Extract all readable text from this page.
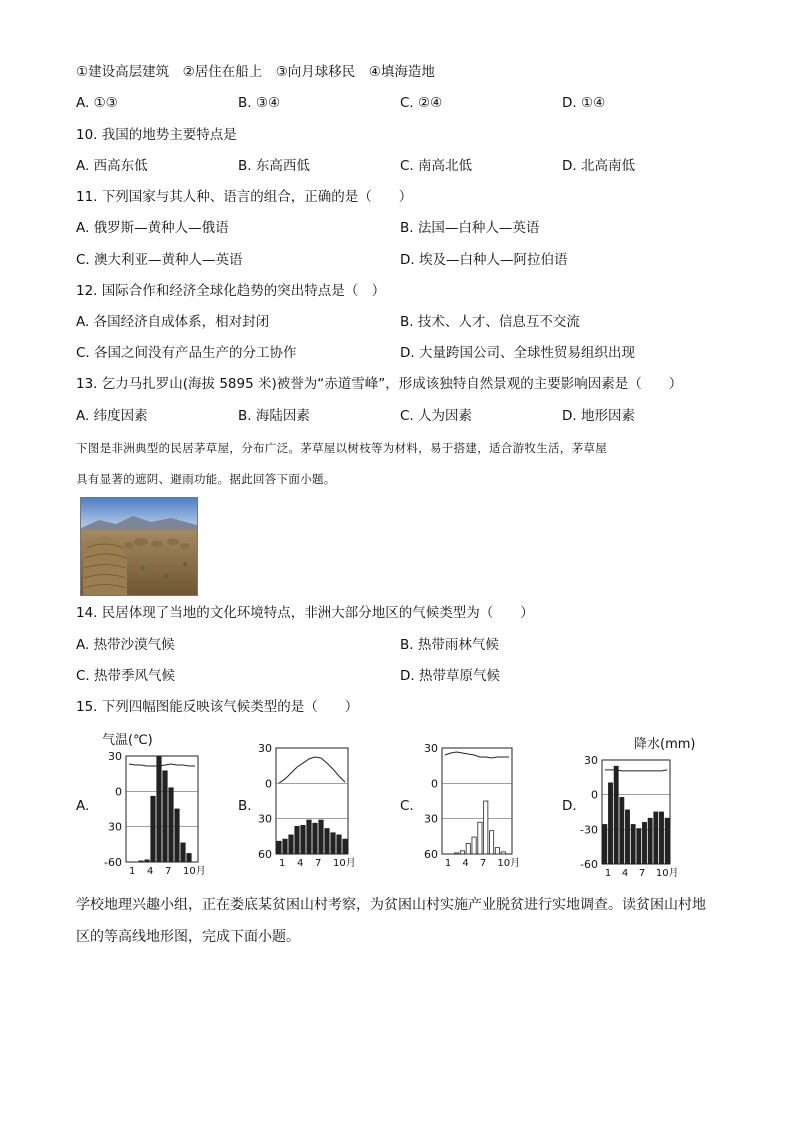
①建设高层建筑　②居住在船上　③向月球移民　④填海造地
A. ①③	B. ③④	C. ②④	D. ①④
10. 我国的地势主要特点是
A. 西高东低	B. 东高西低	C. 南高北低	D. 北高南低
11. 下列国家与其人种、语言的组合，正确的是（　　）
A. 俄罗斯—黄种人—俄语	B. 法国—白种人—英语
C. 澳大利亚—黄种人—英语	D. 埃及—白种人—阿拉伯语
12. 国际合作和经济全球化趋势的突出特点是（　）
A. 各国经济自成体系，相对封闭	B. 技术、人才、信息互不交流
C. 各国之间没有产品生产的分工协作	D. 大量跨国公司、全球性贸易组织出现
13. 乞力马扎罗山(海拔 5895 米)被誉为“赤道雪峰”，形成该独特自然景观的主要影响因素是（　　）
A. 纬度因素	B. 海陆因素	C. 人为因素	D. 地形因素
下图是非洲典型的民居茅草屋，分布广泛。茅草屋以树枝等为材料，易于搭建，适合游牧生活，茅草屋
具有显著的遮阴、避雨功能。据此回答下面小题。
14. 民居体现了当地的文化环境特点，非洲大部分地区的气候类型为（　　）
A. 热带沙漠气候	B. 热带雨林气候
C. 热带季风气候	D. 热带草原气候
15. 下列四幅图能反映该气候类型的是（　　）
A.	B.	C.	D.
30
0
30
-60
1 4 7 10月
气温(℃)
30
0
30
60
1 4 7 10月
30
0
30
60
1 4 7 10月
30
0
-30
-60
1 4 7 10月
降水(mm)
学校地理兴趣小组，正在娄底某贫困山村考察，为贫困山村实施产业脱贫进行实地调查。读贫困山村地
区的等高线地形图，完成下面小题。
